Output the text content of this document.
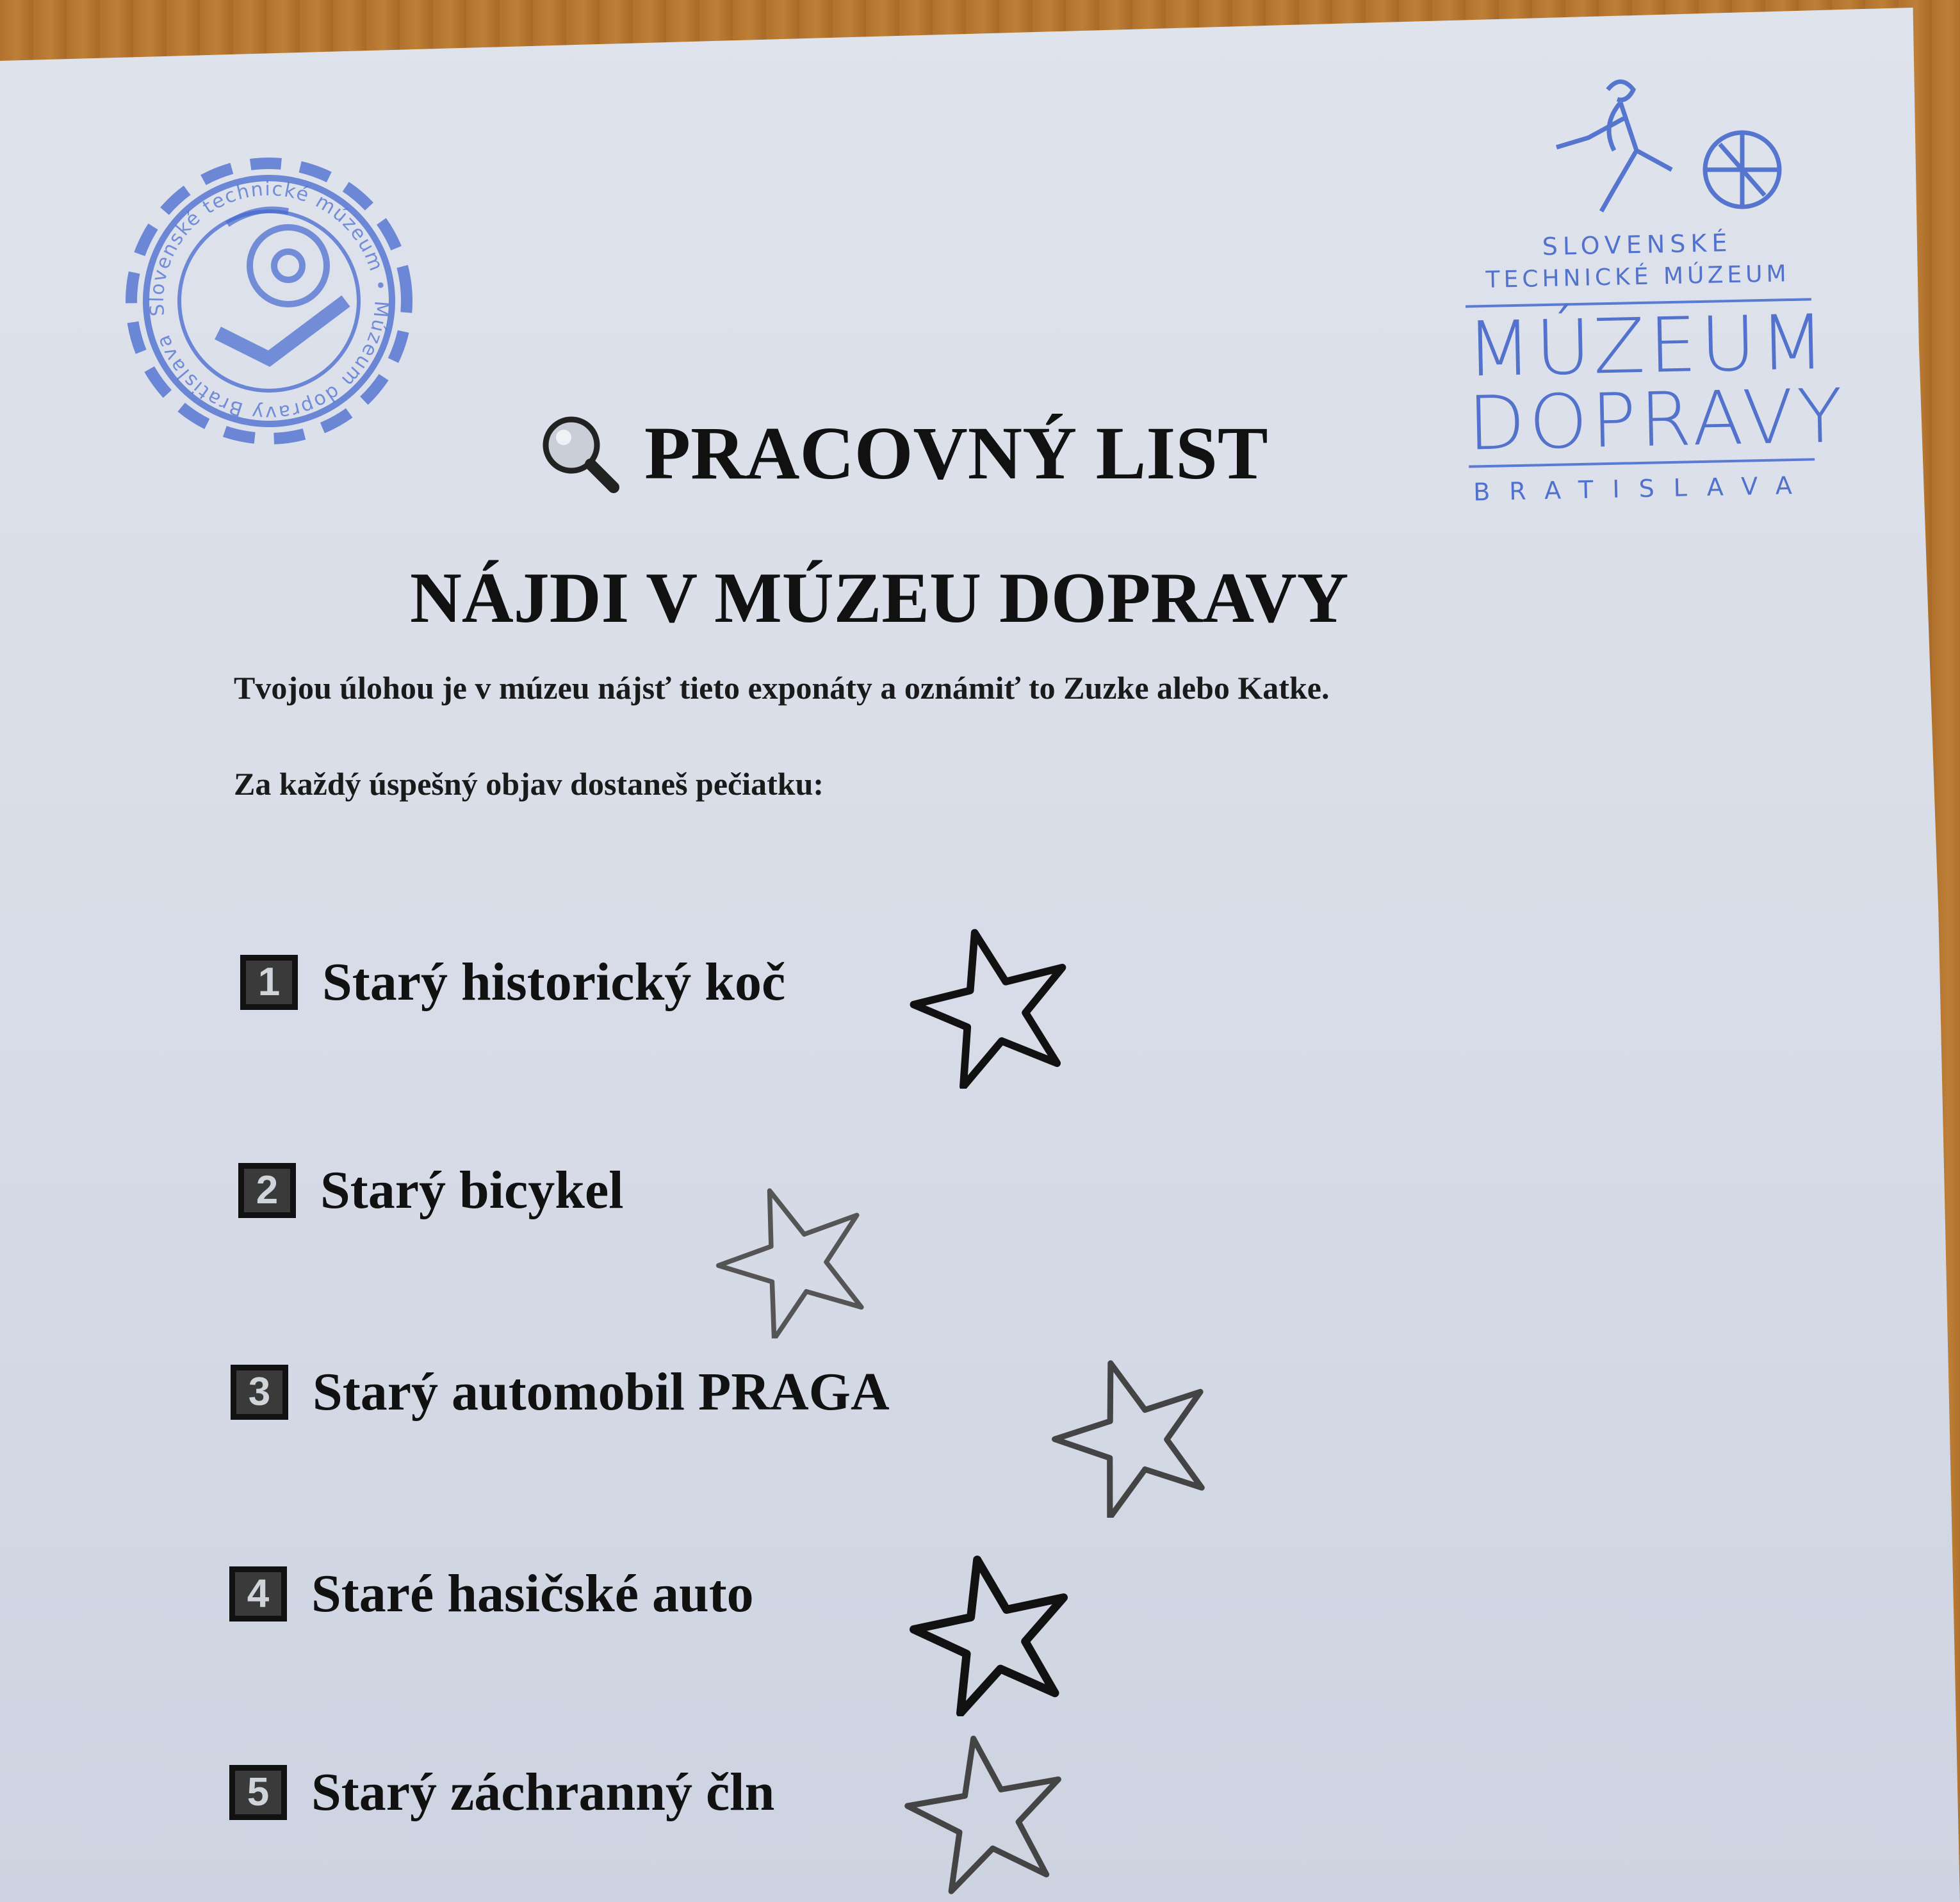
Slovenské technické múzeum • Múzeum dopravy Bratislava
SLOVENSKÉ
TECHNICKÉ MÚZEUM
MÚZEUM
DOPRAVY
BRATISLAVA
PRACOVNÝ LIST
NÁJDI V MÚZEU DOPRAVY
Tvojou úlohou je v múzeu nájsť tieto exponáty a oznámiť to Zuzke alebo Katke.
Za každý úspešný objav dostaneš pečiatku:
1 Starý historický koč
2 Starý bicykel
3 Starý automobil PRAGA
4 Staré hasičské auto
5 Starý záchranný čln
